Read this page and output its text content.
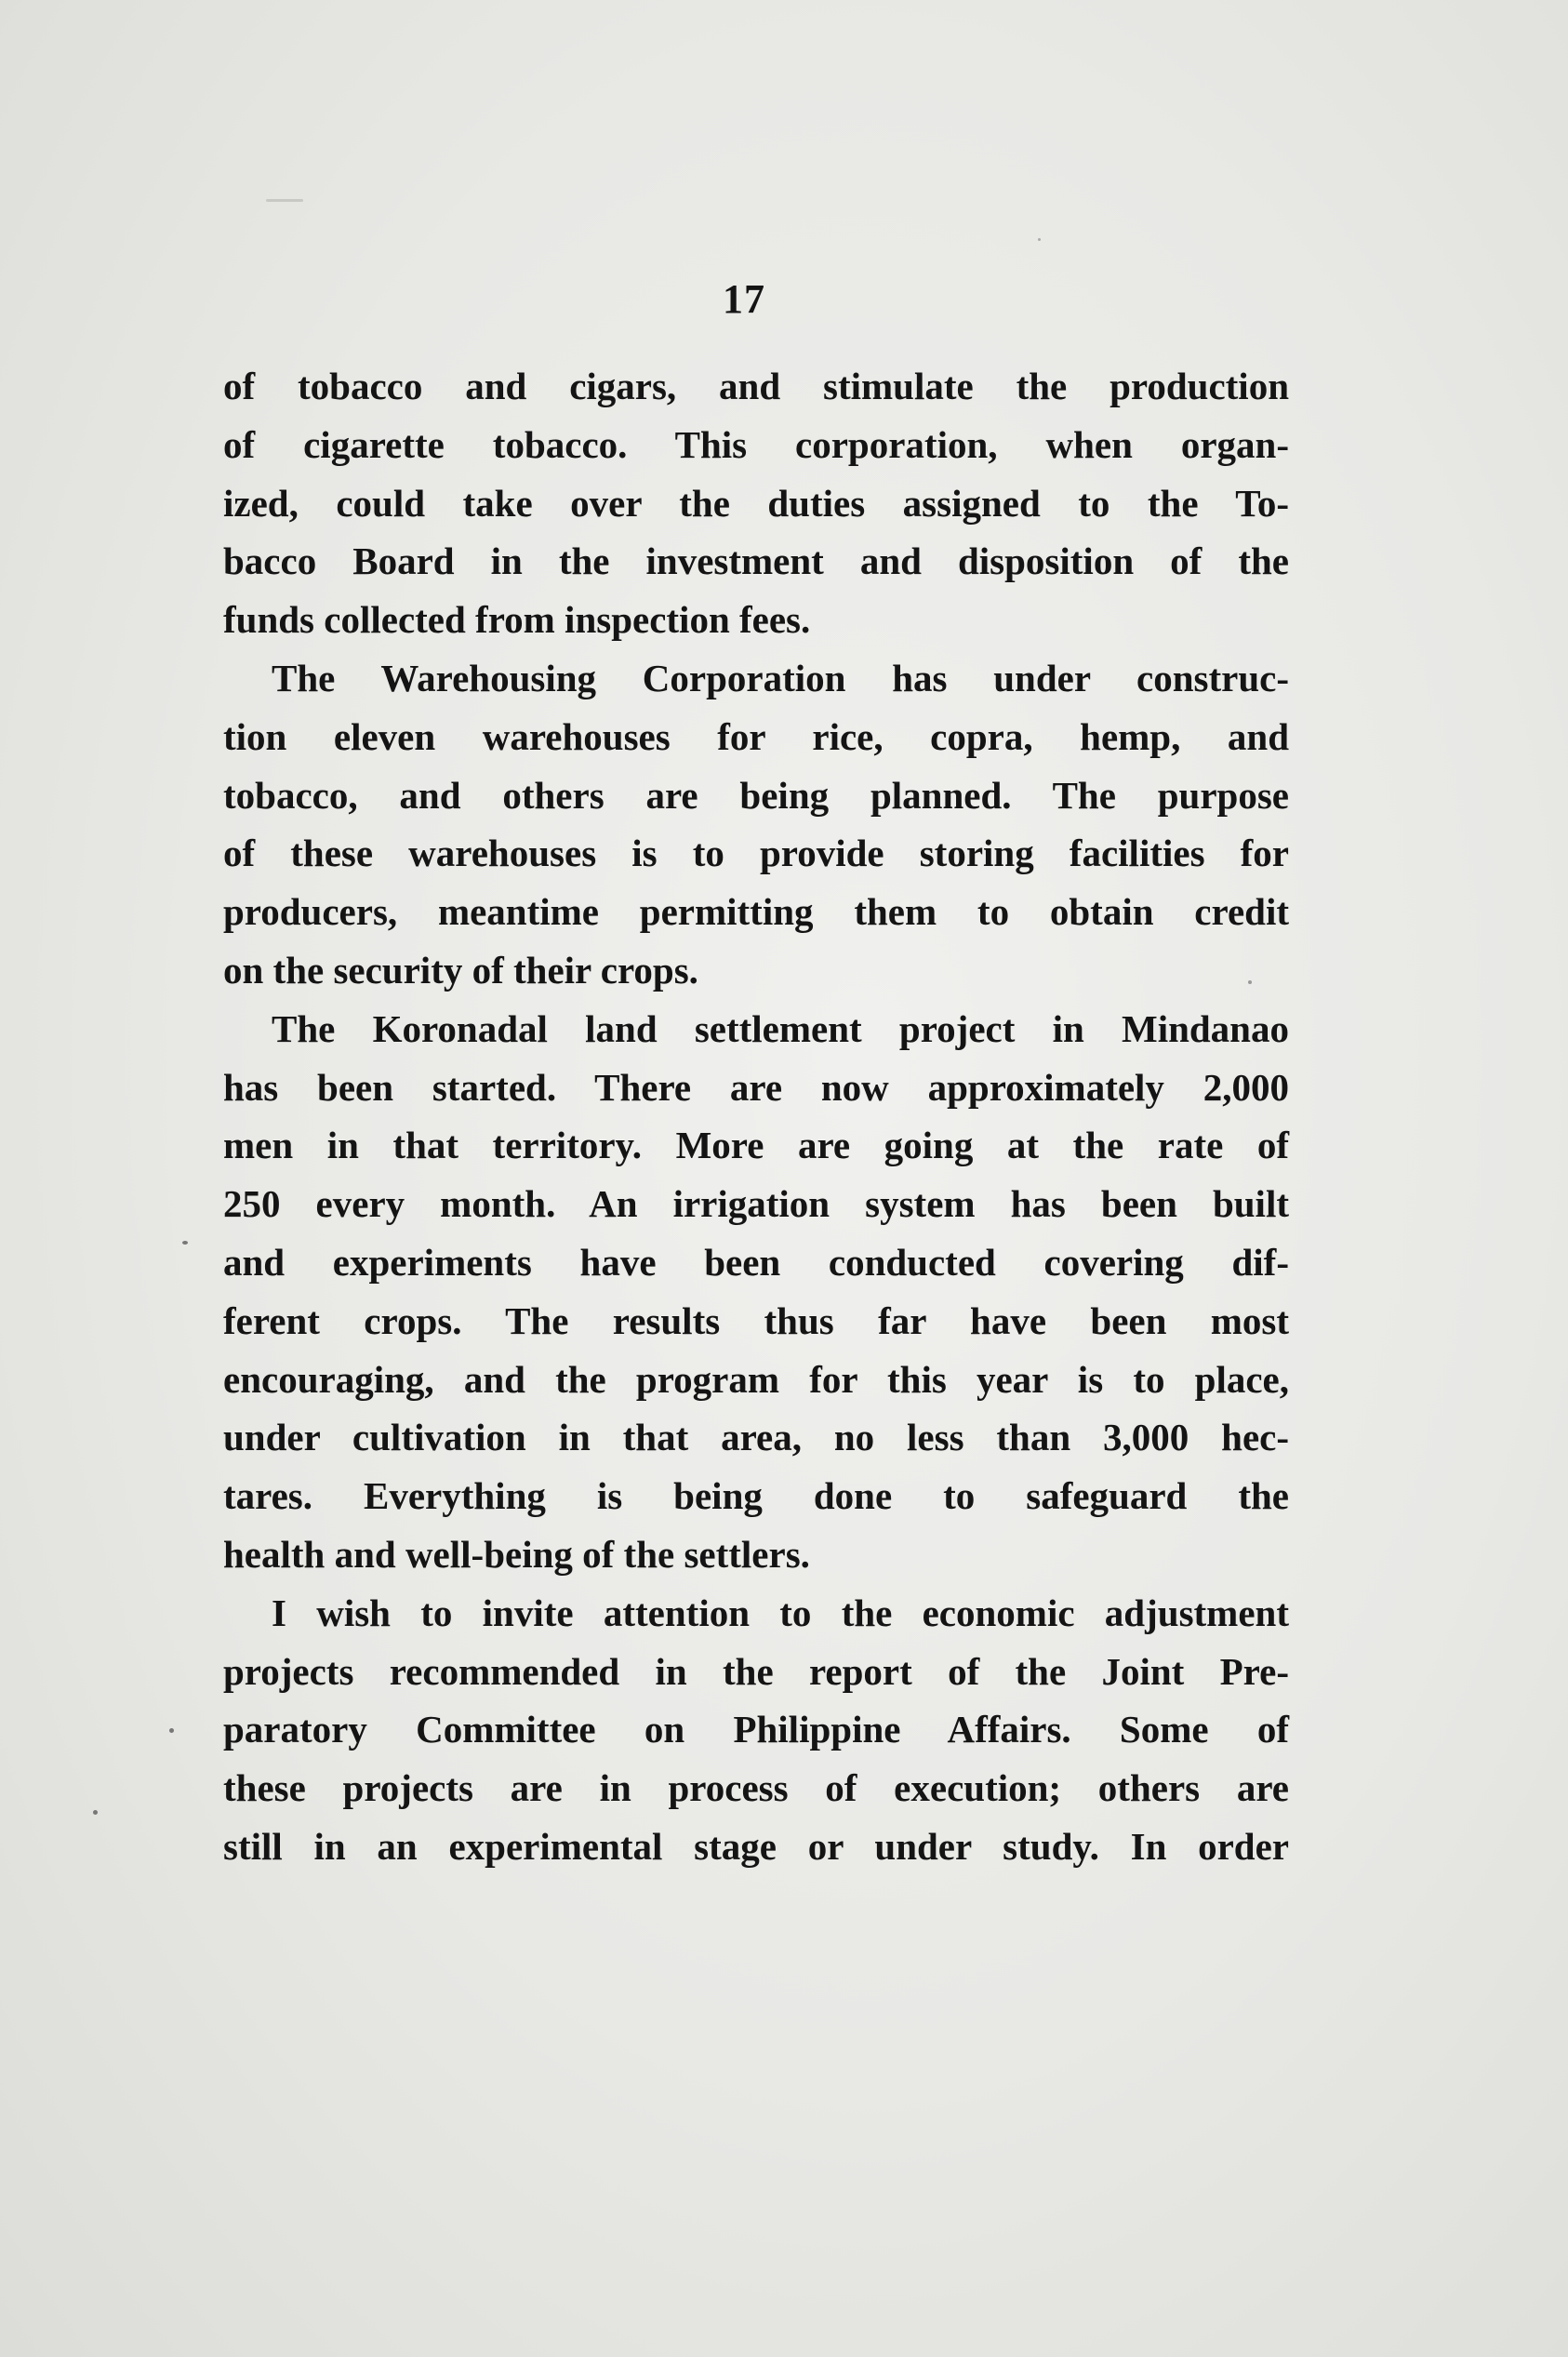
17
of tobacco and cigars, and stimulate the production
of cigarette tobacco. This corporation, when organ-
ized, could take over the duties assigned to the To-
bacco Board in the investment and disposition of the
funds collected from inspection fees.
The Warehousing Corporation has under construc-
tion eleven warehouses for rice, copra, hemp, and
tobacco, and others are being planned. The purpose
of these warehouses is to provide storing facilities for
producers, meantime permitting them to obtain credit
on the security of their crops.
The Koronadal land settlement project in Mindanao
has been started. There are now approximately 2,000
men in that territory. More are going at the rate of
250 every month. An irrigation system has been built
and experiments have been conducted covering dif-
ferent crops. The results thus far have been most
encouraging, and the program for this year is to place,
under cultivation in that area, no less than 3,000 hec-
tares. Everything is being done to safeguard the
health and well-being of the settlers.
I wish to invite attention to the economic adjustment
projects recommended in the report of the Joint Pre-
paratory Committee on Philippine Affairs. Some of
these projects are in process of execution; others are
still in an experimental stage or under study. In order
